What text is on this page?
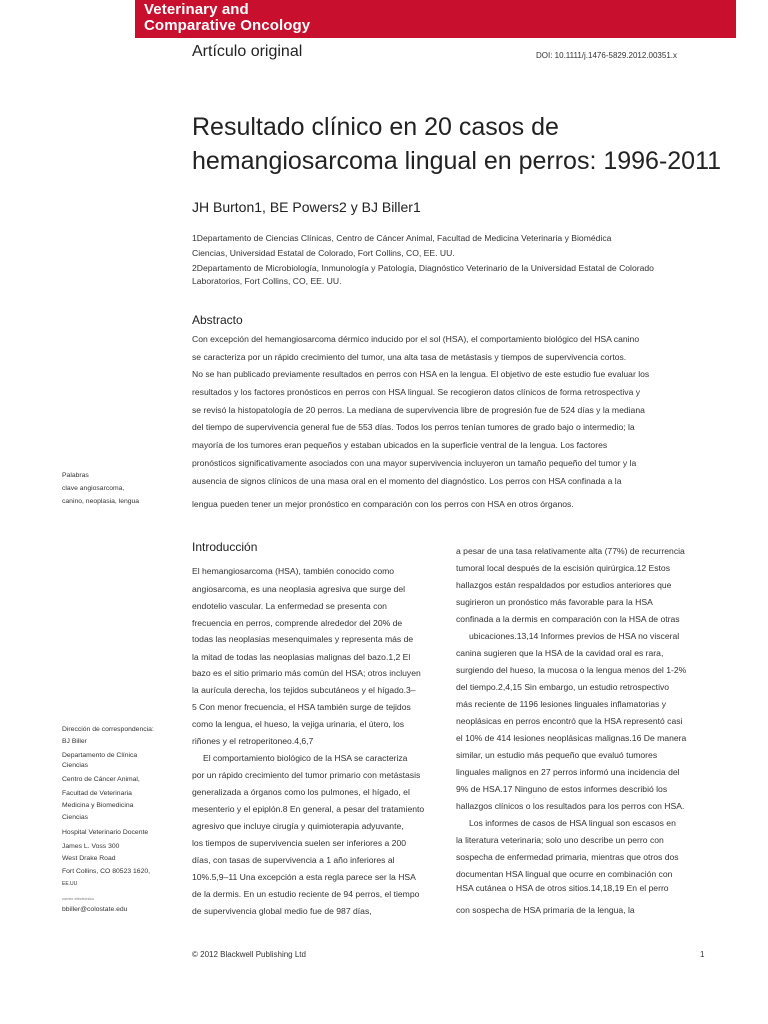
Veterinary and
Comparative Oncology
Artículo original	DOI: 10.1111/j.1476-5829.2012.00351.x
Resultado clínico en 20 casos de
hemangiosarcoma lingual en perros: 1996-2011
JH Burton1, BE Powers2 y BJ Biller1
1Departamento de Ciencias Clínicas, Centro de Cáncer Animal, Facultad de Medicina Veterinaria y Biomédica
Ciencias, Universidad Estatal de Colorado, Fort Collins, CO, EE. UU.
2Departamento de Microbiología, Inmunología y Patología, Diagnóstico Veterinario de la Universidad Estatal de Colorado
Laboratorios, Fort Collins, CO, EE. UU.
Abstracto
Con excepción del hemangiosarcoma dérmico inducido por el sol (HSA), el comportamiento biológico del HSA canino
se caracteriza por un rápido crecimiento del tumor, una alta tasa de metástasis y tiempos de supervivencia cortos.
No se han publicado previamente resultados en perros con HSA en la lengua. El objetivo de este estudio fue evaluar los
resultados y los factores pronósticos en perros con HSA lingual. Se recogieron datos clínicos de forma retrospectiva y
se revisó la histopatología de 20 perros. La mediana de supervivencia libre de progresión fue de 524 días y la mediana
del tiempo de supervivencia general fue de 553 días. Todos los perros tenían tumores de grado bajo o intermedio; la
mayoría de los tumores eran pequeños y estaban ubicados en la superficie ventral de la lengua. Los factores
pronósticos significativamente asociados con una mayor supervivencia incluyeron un tamaño pequeño del tumor y la
ausencia de signos clínicos de una masa oral en el momento del diagnóstico. Los perros con HSA confinada a la
lengua pueden tener un mejor pronóstico en comparación con los perros con HSA en otros órganos.
Palabras
clave angiosarcoma,
canino, neoplasia, lengua
Introducción
El hemangiosarcoma (HSA), también conocido como
angiosarcoma, es una neoplasia agresiva que surge del
endotelio vascular. La enfermedad se presenta con
frecuencia en perros, comprende alrededor del 20% de
todas las neoplasias mesenquimales y representa más de
la mitad de todas las neoplasias malignas del bazo.1,2 El
bazo es el sitio primario más común del HSA; otros incluyen
la aurícula derecha, los tejidos subcutáneos y el hígado.3–
5 Con menor frecuencia, el HSA también surge de tejidos
como la lengua, el hueso, la vejiga urinaria, el útero, los
riñones y el retroperitoneo.4,6,7
El comportamiento biológico de la HSA se caracteriza
por un rápido crecimiento del tumor primario con metástasis
generalizada a órganos como los pulmones, el hígado, el
mesenterio y el epiplón.8 En general, a pesar del tratamiento
agresivo que incluye cirugía y quimioterapia adyuvante,
los tiempos de supervivencia suelen ser inferiores a 200
días, con tasas de supervivencia a 1 año inferiores al
10%.5,9–11 Una excepción a esta regla parece ser la HSA
de la dermis. En un estudio reciente de 94 perros, el tiempo
de supervivencia global medio fue de 987 días,
a pesar de una tasa relativamente alta (77%) de recurrencia
tumoral local después de la escisión quirúrgica.12 Estos
hallazgos están respaldados por estudios anteriores que
sugirieron un pronóstico más favorable para la HSA
confinada a la dermis en comparación con la HSA de otras
ubicaciones.13,14 Informes previos de HSA no visceral
canina sugieren que la HSA de la cavidad oral es rara,
surgiendo del hueso, la mucosa o la lengua menos del 1-2%
del tiempo.2,4,15 Sin embargo, un estudio retrospectivo
más reciente de 1196 lesiones linguales inflamatorias y
neoplásicas en perros encontró que la HSA representó casi
el 10% de 414 lesiones neoplásicas malignas.16 De manera
similar, un estudio más pequeño que evaluó tumores
linguales malignos en 27 perros informó una incidencia del
9% de HSA.17 Ninguno de estos informes describió los
hallazgos clínicos o los resultados para los perros con HSA.
Los informes de casos de HSA lingual son escasos en
la literatura veterinaria; solo uno describe un perro con
sospecha de enfermedad primaria, mientras que otros dos
documentan HSA lingual que ocurre en combinación con
HSA cutánea o HSA de otros sitios.14,18,19 En el perro
con sospecha de HSA primaria de la lengua, la
Dirección de correspondencia:
BJ Biller
Departamento de Clínica
Ciencias
Centro de Cáncer Animal,
Facultad de Veterinaria
Medicina y Biomedicina
Ciencias
Hospital Veterinario Docente
James L. Voss 300
West Drake Road
Fort Collins, CO 80523 1620,
EE.UU
correo electrónico
bbiller@colostate.edu
© 2012 Blackwell Publishing Ltd	1
